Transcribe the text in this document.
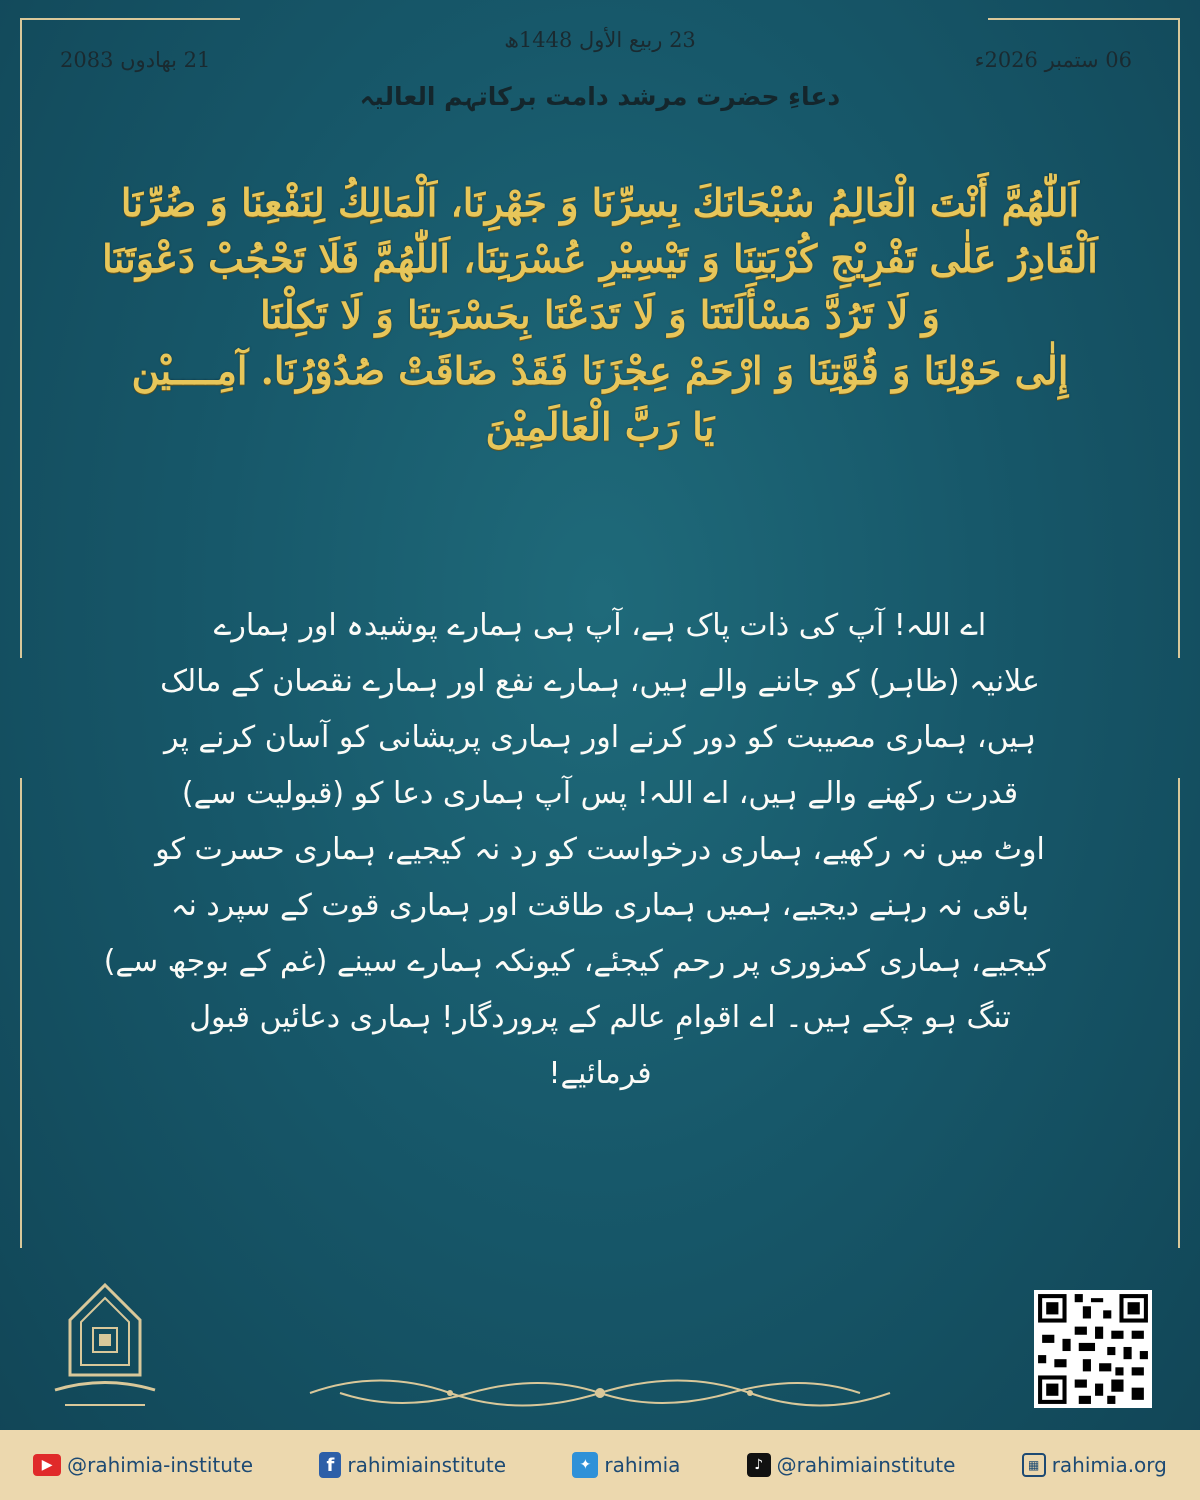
23 ربیع الأول 1448ھ
21 بھادوں 2083	06 ستمبر 2026ء
دعاءِ حضرت مرشد دامت برکاتہم العالیہ
اَللّٰھُمَّ أَنْتَ الْعَالِمُ سُبْحَانَكَ بِسِرِّنَا وَ جَهْرِنَا، اَلْمَالِكُ لِنَفْعِنَا وَ ضُرِّنَا
اَلْقَادِرُ عَلٰی تَفْرِيْجِ كُرْبَتِنَا وَ تَيْسِيْرِ عُسْرَتِنَا، اَللّٰھُمَّ فَلَا تَحْجُبْ دَعْوَتَنَا
وَ لَا تَرُدَّ مَسْأَلَتَنَا وَ لَا تَدَعْنَا بِحَسْرَتِنَا وَ لَا تَكِلْنَا
إِلٰی حَوْلِنَا وَ قُوَّتِنَا وَ ارْحَمْ عِجْزَنَا فَقَدْ ضَاقَتْ صُدُوْرُنَا. آمِــــيْن
يَا رَبَّ الْعَالَمِيْنَ
اے اللہ! آپ کی ذات پاک ہے، آپ ہی ہمارے پوشیدہ اور ہمارے
علانیہ (ظاہر) کو جاننے والے ہیں، ہمارے نفع اور ہمارے نقصان کے مالک
ہیں، ہماری مصیبت کو دور کرنے اور ہماری پریشانی کو آسان کرنے پر
قدرت رکھنے والے ہیں، اے اللہ! پس آپ ہماری دعا کو (قبولیت سے)
اوٹ میں نہ رکھیے، ہماری درخواست کو رد نہ کیجیے، ہماری حسرت کو
باقی نہ رہنے دیجیے، ہمیں ہماری طاقت اور ہماری قوت کے سپرد نہ
کیجیے، ہماری کمزوری پر رحم کیجئے، کیونکہ ہمارے سینے (غم کے بوجھ سے)
تنگ ہو چکے ہیں۔ اے اقوامِ عالم کے پروردگار! ہماری دعائیں قبول
فرمائیے!
▶ @rahimia-institute	f rahimiainstitute	✦ rahimia	♪ @rahimiainstitute	▦ rahimia.org
